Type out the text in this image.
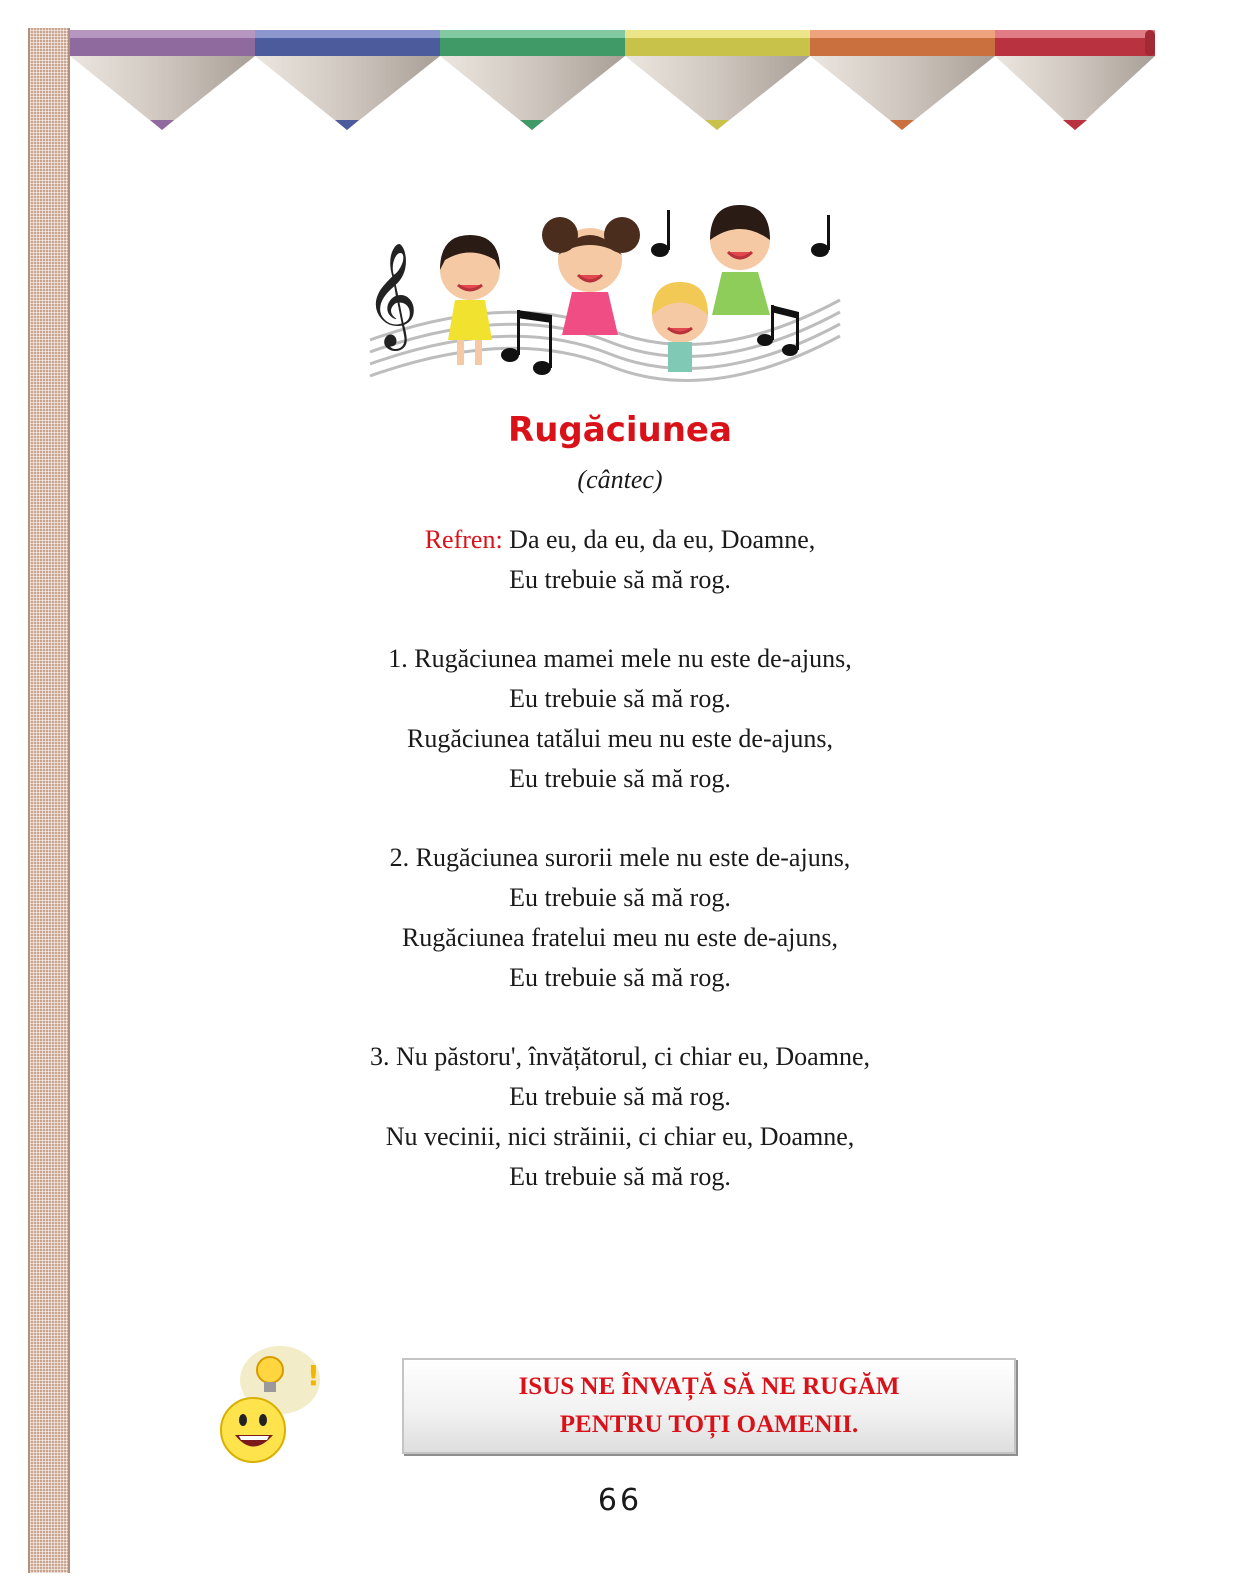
𝄞
Rugăciunea
(cântec)
Refren: Da eu, da eu, da eu, Doamne,
Eu trebuie să mă rog.
1. Rugăciunea mamei mele nu este de-ajuns,
Eu trebuie să mă rog.
Rugăciunea tatălui meu nu este de-ajuns,
Eu trebuie să mă rog.
2. Rugăciunea surorii mele nu este de-ajuns,
Eu trebuie să mă rog.
Rugăciunea fratelui meu nu este de-ajuns,
Eu trebuie să mă rog.
3. Nu păstoru', învățătorul, ci chiar eu, Doamne,
Eu trebuie să mă rog.
Nu vecinii, nici străinii, ci chiar eu, Doamne,
Eu trebuie să mă rog.
!	ISUS NE ÎNVAȚĂ SĂ NE RUGĂM
PENTRU TOȚI OAMENII.
66
